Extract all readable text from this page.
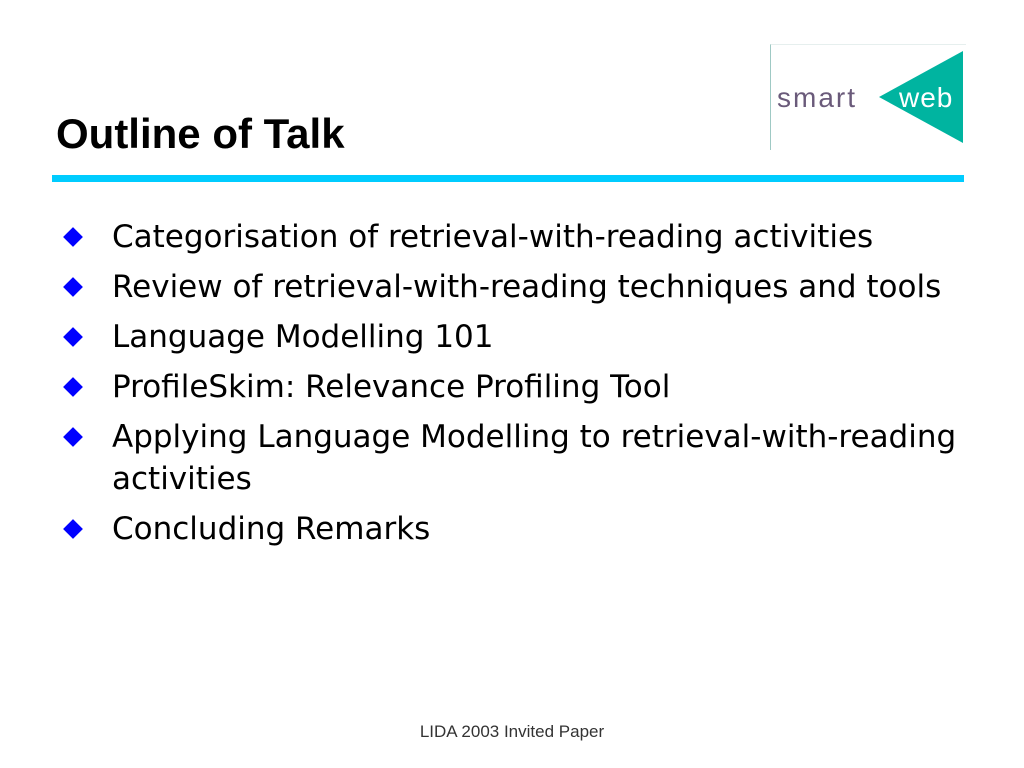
Outline of Talk
smart web
Categorisation of retrieval-with-reading activities
Review of retrieval-with-reading techniques and tools
Language Modelling 101
ProfileSkim: Relevance Profiling Tool
Applying Language Modelling to retrieval-with-reading activities
Concluding Remarks
LIDA 2003 Invited Paper
